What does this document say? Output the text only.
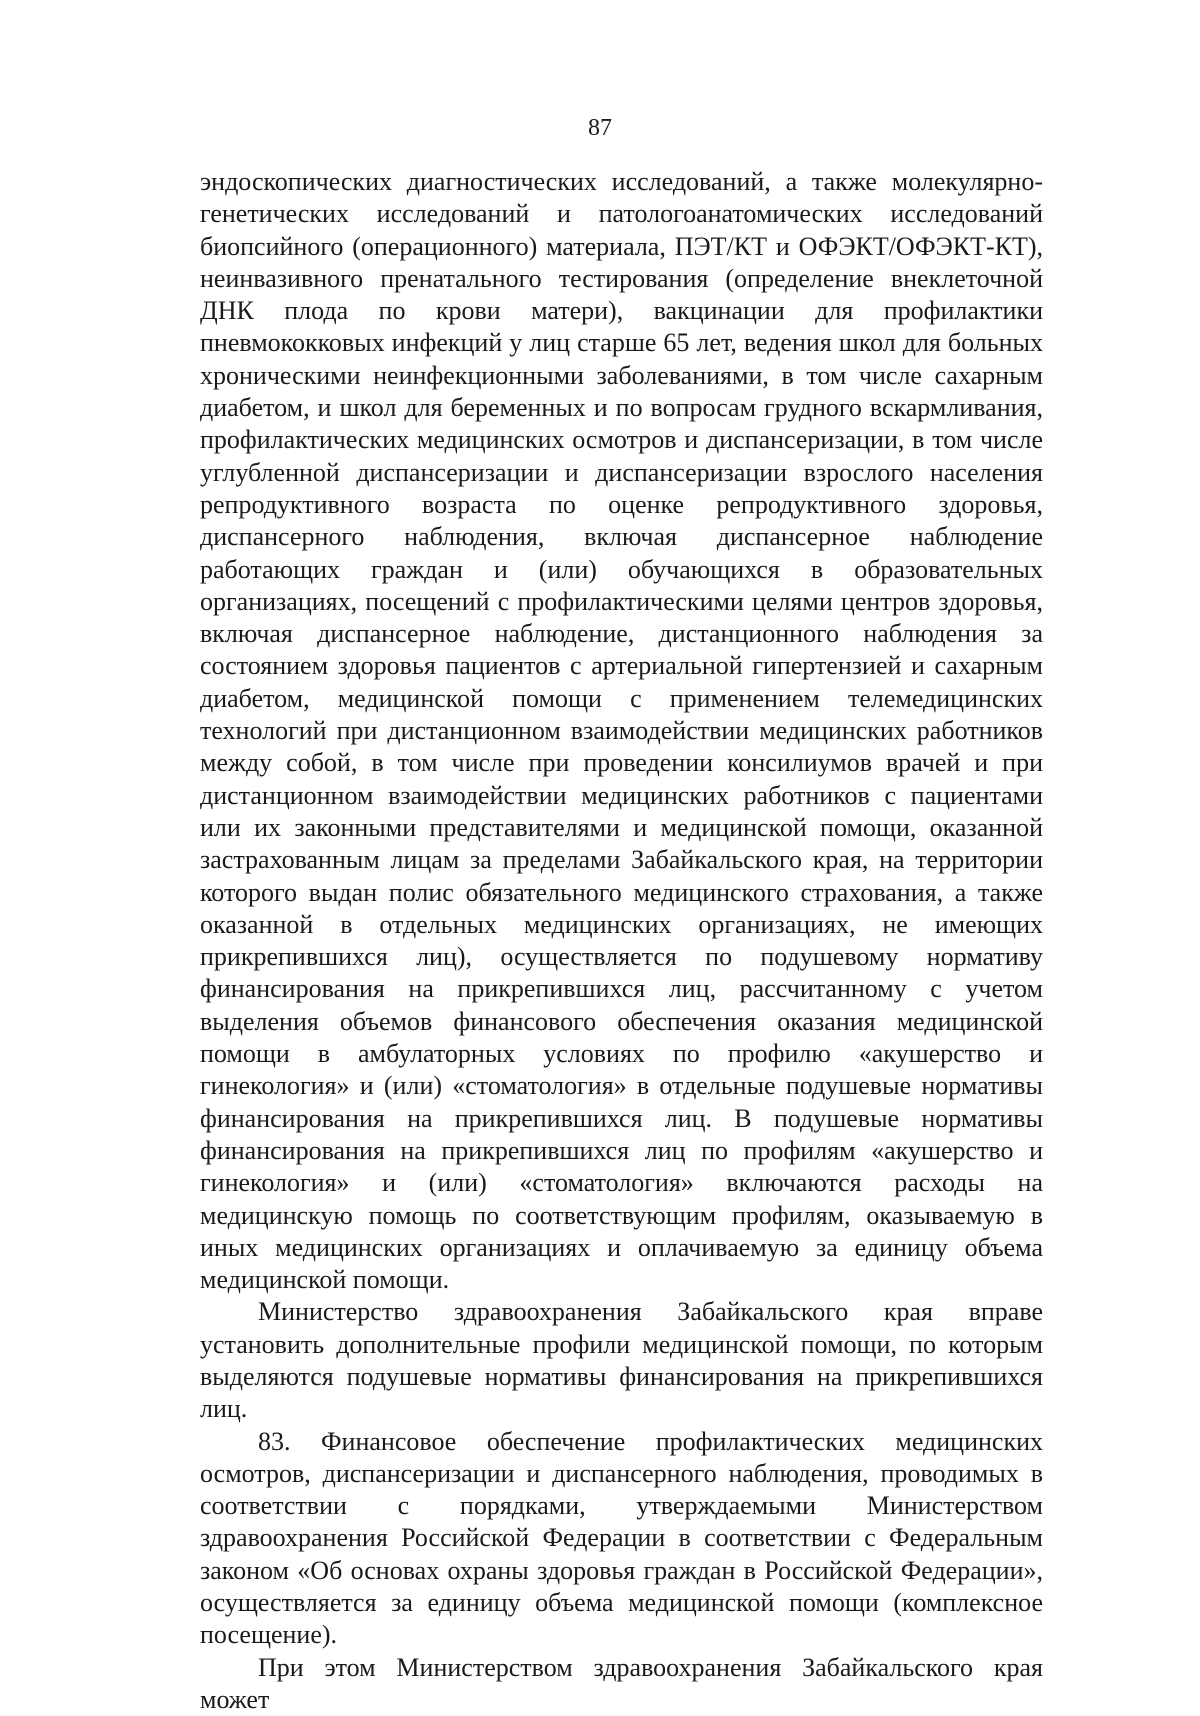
87

эндоскопических диагностических исследований, а также молекулярно-генетических исследований и патологоанатомических исследований биопсийного (операционного) материала, ПЭТ/КТ и ОФЭКТ/ОФЭКТ-КТ), неинвазивного пренатального тестирования (определение внеклеточной ДНК плода по крови матери), вакцинации для профилактики пневмококковых инфекций у лиц старше 65 лет, ведения школ для больных хроническими неинфекционными заболеваниями, в том числе сахарным диабетом, и школ для беременных и по вопросам грудного вскармливания, профилактических медицинских осмотров и диспансеризации, в том числе углубленной диспансеризации и диспансеризации взрослого населения репродуктивного возраста по оценке репродуктивного здоровья, диспансерного наблюдения, включая диспансерное наблюдение работающих граждан и (или) обучающихся в образовательных организациях, посещений с профилактическими целями центров здоровья, включая диспансерное наблюдение, дистанционного наблюдения за состоянием здоровья пациентов с артериальной гипертензией и сахарным диабетом, медицинской помощи с применением телемедицинских технологий при дистанционном взаимодействии медицинских работников между собой, в том числе при проведении консилиумов врачей и при дистанционном взаимодействии медицинских работников с пациентами или их законными представителями и медицинской помощи, оказанной застрахованным лицам за пределами Забайкальского края, на территории которого выдан полис обязательного медицинского страхования, а также оказанной в отдельных медицинских организациях, не имеющих прикрепившихся лиц), осуществляется по подушевому нормативу финансирования на прикрепившихся лиц, рассчитанному с учетом выделения объемов финансового обеспечения оказания медицинской помощи в амбулаторных условиях по профилю «акушерство и гинекология» и (или) «стоматология» в отдельные подушевые нормативы финансирования на прикрепившихся лиц. В подушевые нормативы финансирования на прикрепившихся лиц по профилям «акушерство и гинекология» и (или) «стоматология» включаются расходы на медицинскую помощь по соответствующим профилям, оказываемую в иных медицинских организациях и оплачиваемую за единицу объема медицинской помощи.

Министерство здравоохранения Забайкальского края вправе установить дополнительные профили медицинской помощи, по которым выделяются подушевые нормативы финансирования на прикрепившихся лиц.

83. Финансовое обеспечение профилактических медицинских осмотров, диспансеризации и диспансерного наблюдения, проводимых в соответствии с порядками, утверждаемыми Министерством здравоохранения Российской Федерации в соответствии с Федеральным законом «Об основах охраны здоровья граждан в Российской Федерации», осуществляется за единицу объема медицинской помощи (комплексное посещение).

При этом Министерством здравоохранения Забайкальского края может
